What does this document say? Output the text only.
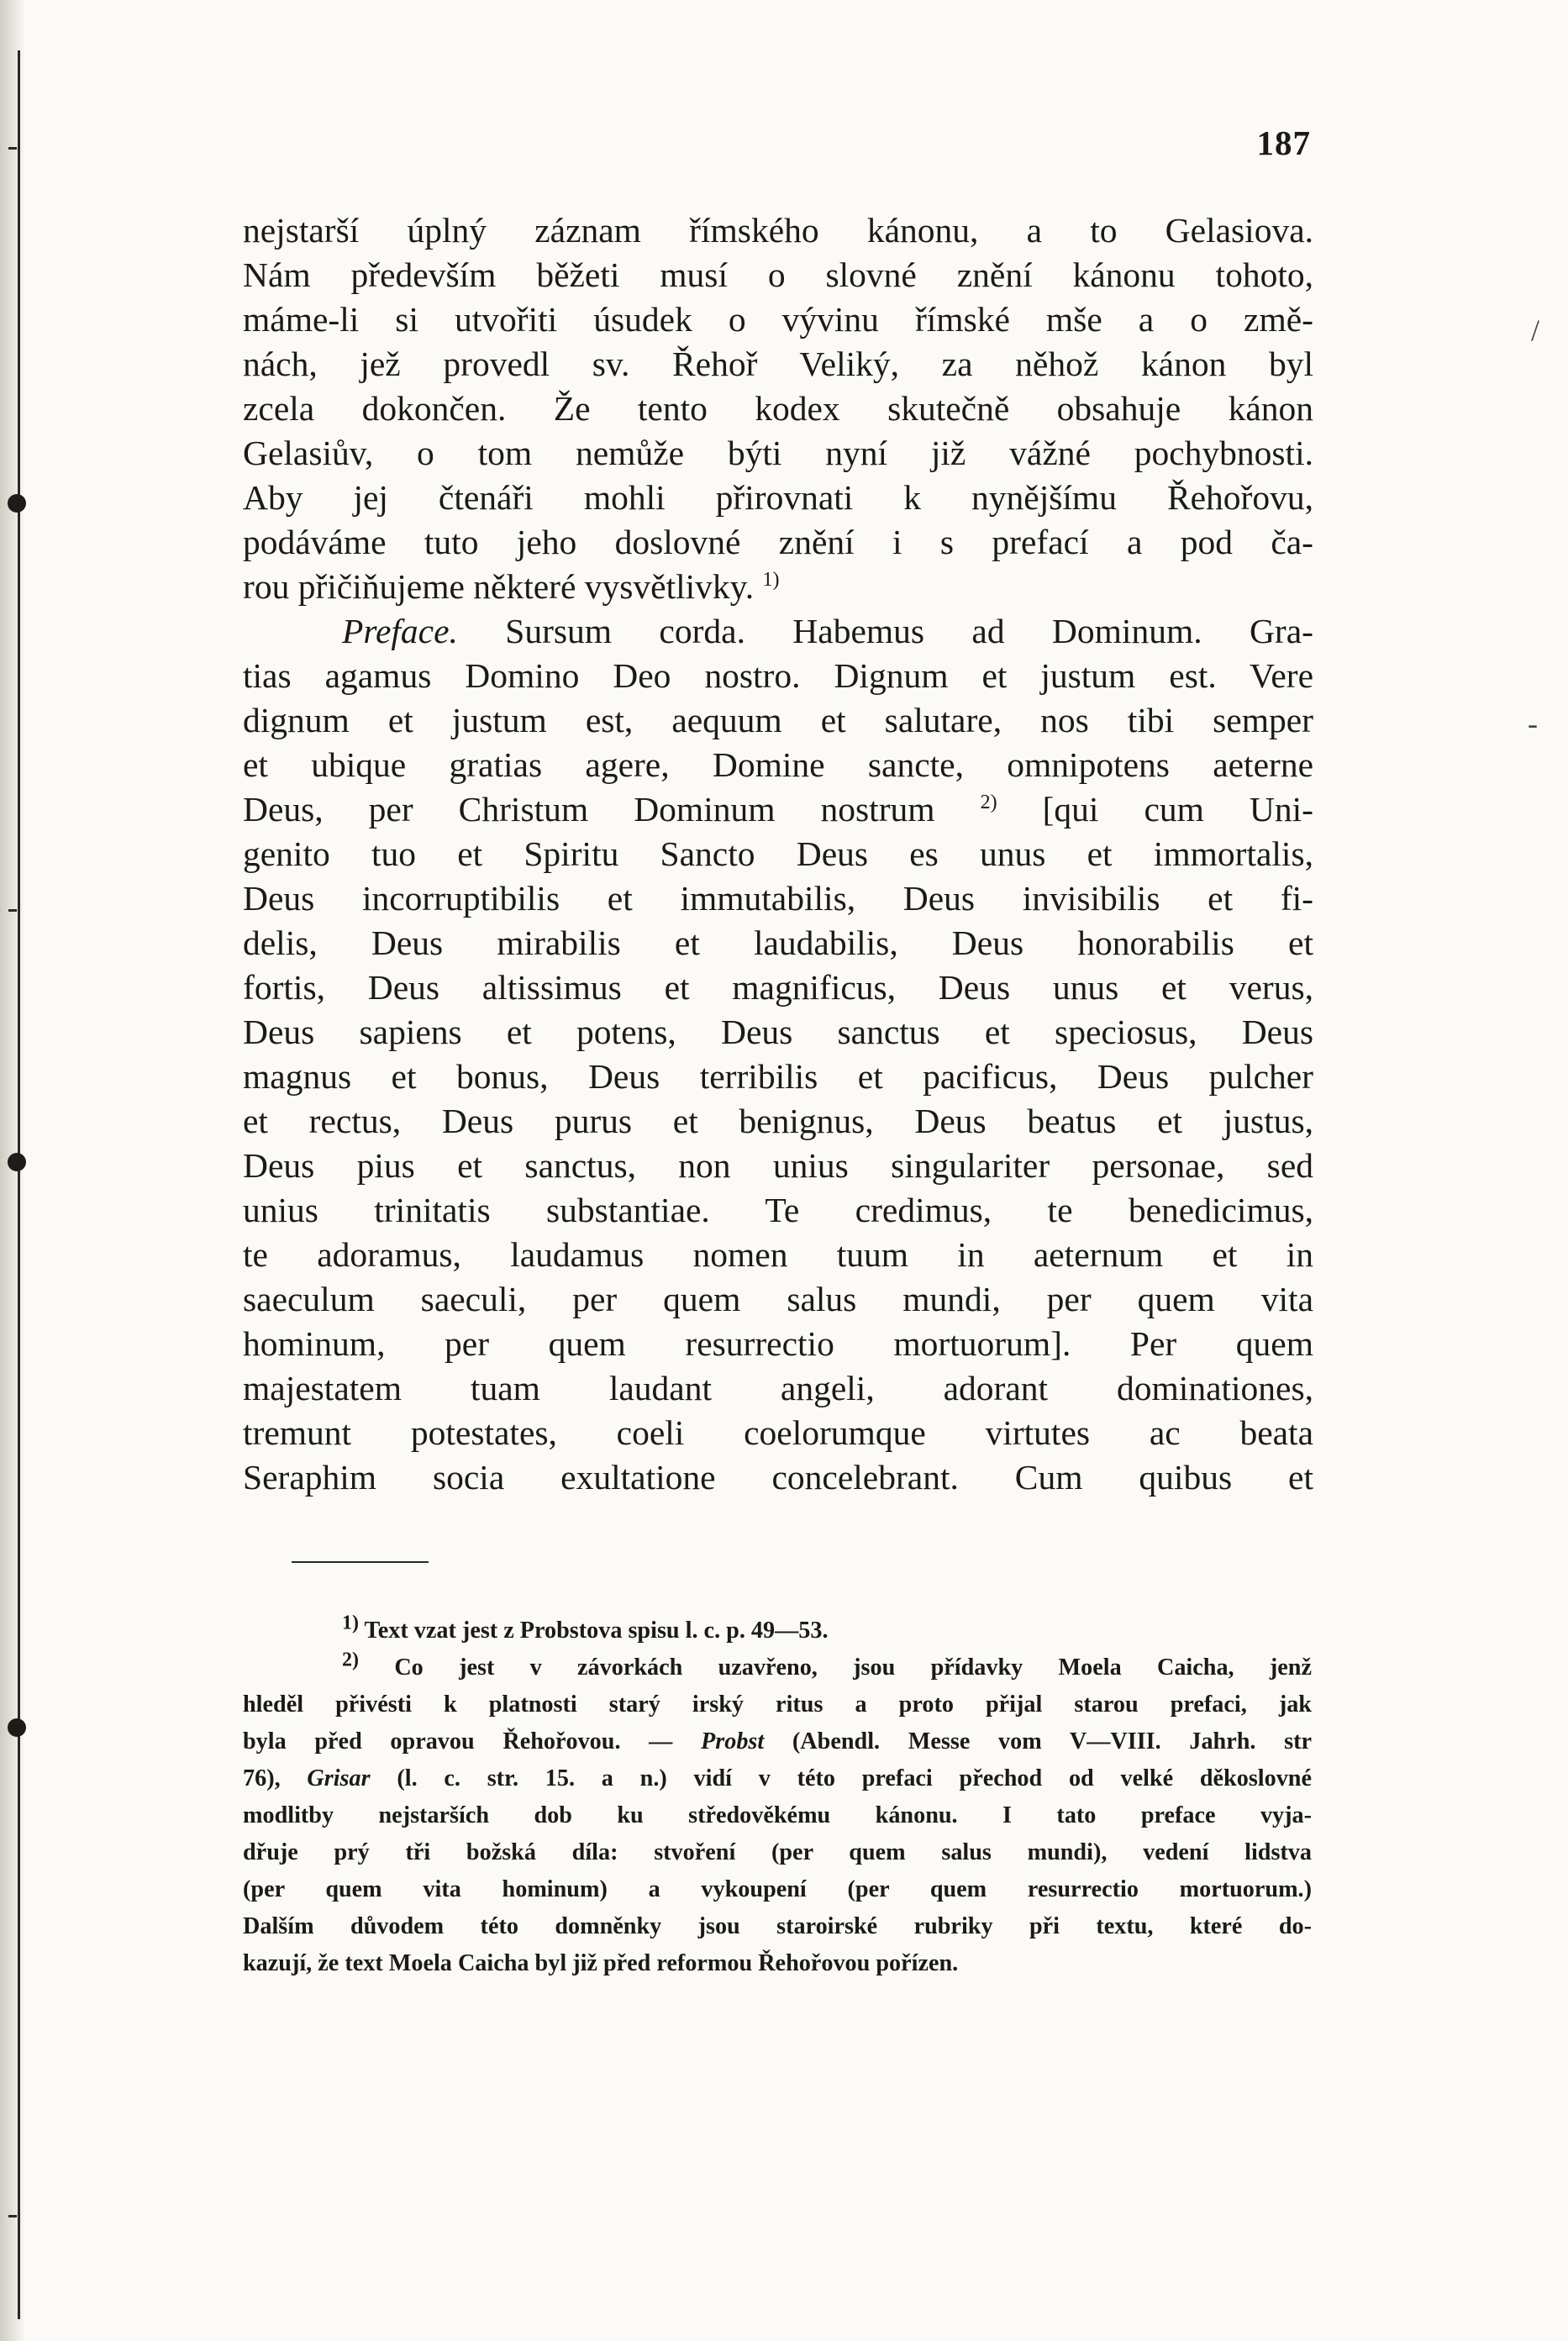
/
-
187
nejstarší úplný záznam římského kánonu, a to Gelasiova.
Nám především běžeti musí o slovné znění kánonu tohoto,
máme-li si utvořiti úsudek o vývinu římské mše a o změ-
nách, jež provedl sv. Řehoř Veliký, za něhož kánon byl
zcela dokončen. Že tento kodex skutečně obsahuje kánon
Gelasiův, o tom nemůže býti nyní již vážné pochybnosti.
Aby jej čtenáři mohli přirovnati k nynějšímu Řehořovu,
podáváme tuto jeho doslovné znění i s prefací a pod ča-
rou přičiňujeme některé vysvětlivky. $^{1)}$
Preface. Sursum corda. Habemus ad Dominum. Gra-
tias agamus Domino Deo nostro. Dignum et justum est. Vere
dignum et justum est, aequum et salutare, nos tibi semper
et ubique gratias agere, Domine sancte, omnipotens aeterne
Deus, per Christum Dominum nostrum $^{2)}$ [qui cum Uni-
genito tuo et Spiritu Sancto Deus es unus et immortalis,
Deus incorruptibilis et immutabilis, Deus invisibilis et fi-
delis, Deus mirabilis et laudabilis, Deus honorabilis et
fortis, Deus altissimus et magnificus, Deus unus et verus,
Deus sapiens et potens, Deus sanctus et speciosus, Deus
magnus et bonus, Deus terribilis et pacificus, Deus pulcher
et rectus, Deus purus et benignus, Deus beatus et justus,
Deus pius et sanctus, non unius singulariter personae, sed
unius trinitatis substantiae. Te credimus, te benedicimus,
te adoramus, laudamus nomen tuum in aeternum et in
saeculum saeculi, per quem salus mundi, per quem vita
hominum, per quem resurrectio mortuorum]. Per quem
majestatem tuam laudant angeli, adorant dominationes,
tremunt potestates, coeli coelorumque virtutes ac beata
Seraphim socia exultatione concelebrant. Cum quibus et
$^{1)}$ Text vzat jest z Probstova spisu l. c. p. 49—53.
$^{2)}$ Co jest v závorkách uzavřeno, jsou přídavky Moela Caicha, jenž
hleděl přivésti k platnosti starý irský ritus a proto přijal starou prefaci, jak
byla před opravou Řehořovou. — Probst (Abendl. Messe vom V—VIII. Jahrh. str
76), Grisar (l. c. str. 15. a n.) vidí v této prefaci přechod od velké děkoslovné
modlitby nejstarších dob ku středověkému kánonu. I tato preface vyja-
dřuje prý tři božská díla: stvoření (per quem salus mundi), vedení lidstva
(per quem vita hominum) a vykoupení (per quem resurrectio mortuorum.)
Dalším důvodem této domněnky jsou staroirské rubriky při textu, které do-
kazují, že text Moela Caicha byl již před reformou Řehořovou pořízen.
